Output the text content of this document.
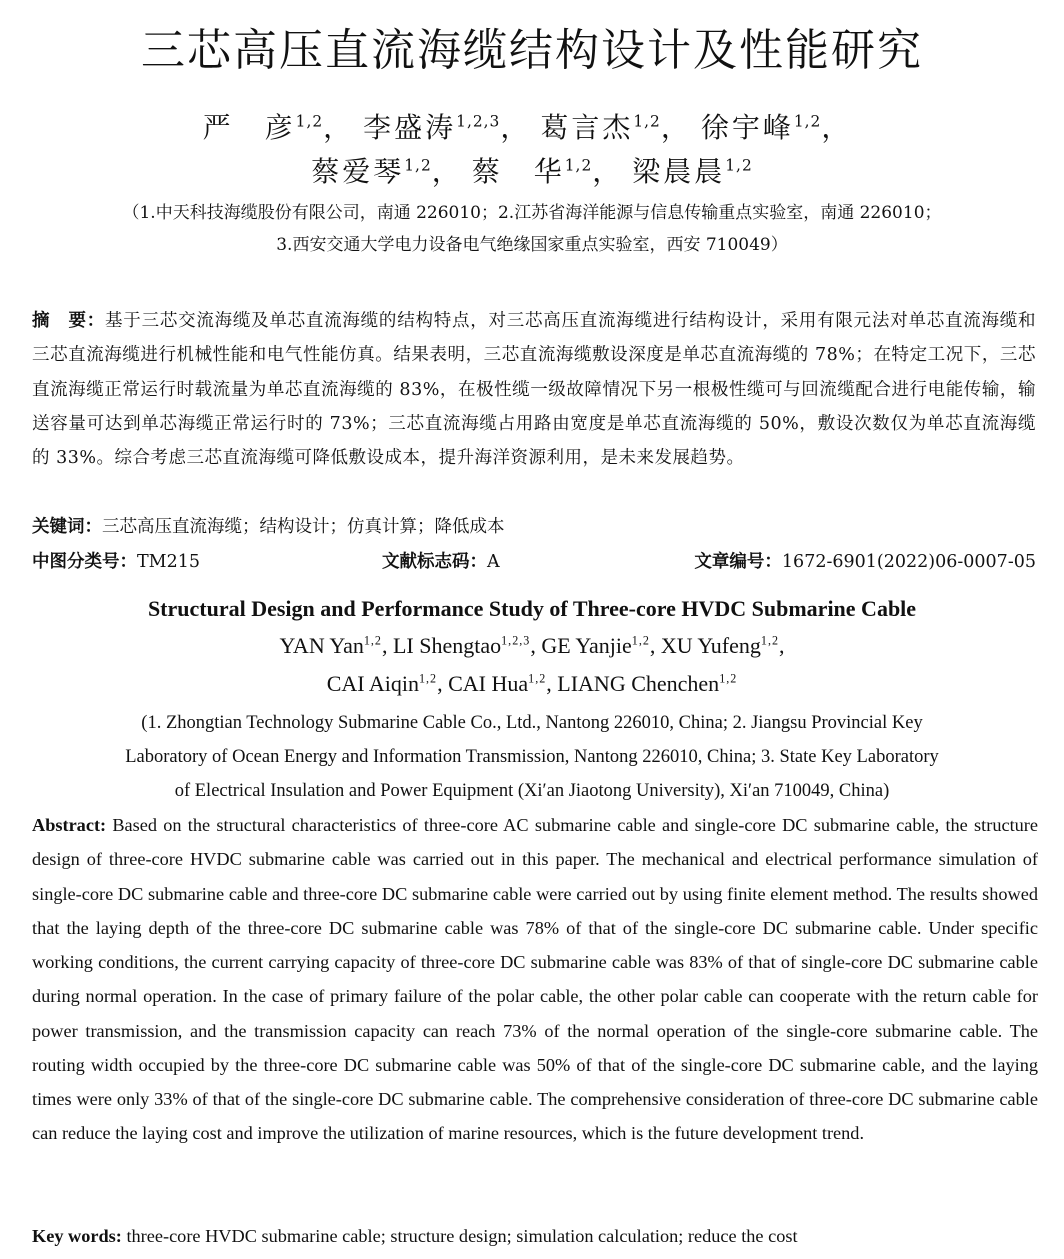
三芯高压直流海缆结构设计及性能研究
严　彦$^{1,2}$， 李盛涛$^{1,2,3}$， 葛言杰$^{1,2}$， 徐宇峰$^{1,2}$，
蔡爱琴$^{1,2}$， 蔡　华$^{1,2}$， 梁晨晨$^{1,2}$
（1.中天科技海缆股份有限公司，南通 226010；2.江苏省海洋能源与信息传输重点实验室，南通 226010；
3.西安交通大学电力设备电气绝缘国家重点实验室，西安 710049）
摘　要：基于三芯交流海缆及单芯直流海缆的结构特点，对三芯高压直流海缆进行结构设计，采用有限元法对单芯直流海缆和三芯直流海缆进行机械性能和电气性能仿真。结果表明，三芯直流海缆敷设深度是单芯直流海缆的 78%；在特定工况下，三芯直流海缆正常运行时载流量为单芯直流海缆的 83%，在极性缆一级故障情况下另一根极性缆可与回流缆配合进行电能传输，输送容量可达到单芯海缆正常运行时的 73%；三芯直流海缆占用路由宽度是单芯直流海缆的 50%，敷设次数仅为单芯直流海缆的 33%。综合考虑三芯直流海缆可降低敷设成本，提升海洋资源利用，是未来发展趋势。
关键词：三芯高压直流海缆；结构设计；仿真计算；降低成本
中图分类号：TM215	文献标志码：A	文章编号：1672-6901(2022)06-0007-05
Structural Design and Performance Study of Three-core HVDC Submarine Cable
YAN Yan$^{1,2}$, LI Shengtao$^{1,2,3}$, GE Yanjie$^{1,2}$, XU Yufeng$^{1,2}$,
CAI Aiqin$^{1,2}$, CAI Hua$^{1,2}$, LIANG Chenchen$^{1,2}$
(1. Zhongtian Technology Submarine Cable Co., Ltd., Nantong 226010, China; 2. Jiangsu Provincial Key
Laboratory of Ocean Energy and Information Transmission, Nantong 226010, China; 3. State Key Laboratory
of Electrical Insulation and Power Equipment (Xi′an Jiaotong University), Xi′an 710049, China)
Abstract: Based on the structural characteristics of three-core AC submarine cable and single-core DC submarine cable, the structure design of three-core HVDC submarine cable was carried out in this paper. The mechanical and electrical performance simulation of single-core DC submarine cable and three-core DC submarine cable were carried out by using finite element method. The results showed that the laying depth of the three-core DC submarine cable was 78% of that of the single-core DC submarine cable. Under specific working conditions, the current carrying capacity of three-core DC submarine cable was 83% of that of single-core DC submarine cable during normal operation. In the case of primary failure of the polar cable, the other polar cable can cooperate with the return cable for power transmission, and the transmission capacity can reach 73% of the normal operation of the single-core submarine cable. The routing width occupied by the three-core DC submarine cable was 50% of that of the single-core DC submarine cable, and the laying times were only 33% of that of the single-core DC submarine cable. The comprehensive consideration of three-core DC submarine cable can reduce the laying cost and improve the utilization of marine resources, which is the future development trend.
Key words: three-core HVDC submarine cable; structure design; simulation calculation; reduce the cost
